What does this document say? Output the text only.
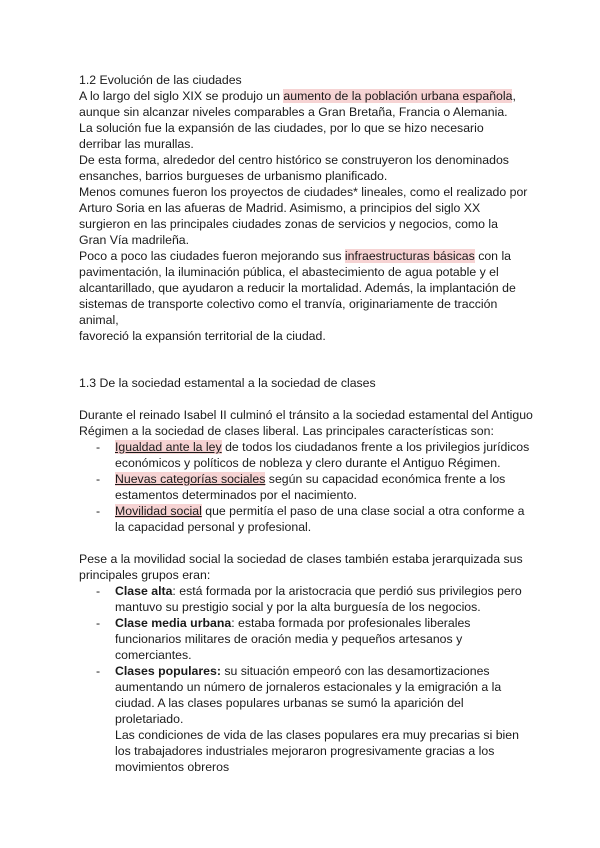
1.2 Evolución de las ciudades
A lo largo del siglo XIX se produjo un aumento de la población urbana española,
aunque sin alcanzar niveles comparables a Gran Bretaña, Francia o Alemania.
La solución fue la expansión de las ciudades, por lo que se hizo necesario
derribar las murallas.
De esta forma, alrededor del centro histórico se construyeron los denominados
ensanches, barrios burgueses de urbanismo planificado.
Menos comunes fueron los proyectos de ciudades* lineales, como el realizado por
Arturo Soria en las afueras de Madrid. Asimismo, a principios del siglo XX
surgieron en las principales ciudades zonas de servicios y negocios, como la
Gran Vía madrileña.
Poco a poco las ciudades fueron mejorando sus infraestructuras básicas con la
pavimentación, la iluminación pública, el abastecimiento de agua potable y el
alcantarillado, que ayudaron a reducir la mortalidad. Además, la implantación de
sistemas de transporte colectivo como el tranvía, originariamente de tracción
animal,
favoreció la expansión territorial de la ciudad.
1.3 De la sociedad estamental a la sociedad de clases
Durante el reinado Isabel II culminó el tránsito a la sociedad estamental del Antiguo
Régimen a la sociedad de clases liberal. Las principales características son:
- Igualdad ante la ley de todos los ciudadanos frente a los privilegios jurídicos
económicos y políticos de nobleza y clero durante el Antiguo Régimen.
- Nuevas categorías sociales según su capacidad económica frente a los
estamentos determinados por el nacimiento.
- Movilidad social que permitía el paso de una clase social a otra conforme a
la capacidad personal y profesional.
Pese a la movilidad social la sociedad de clases también estaba jerarquizada sus
principales grupos eran:
- Clase alta: está formada por la aristocracia que perdió sus privilegios pero
mantuvo su prestigio social y por la alta burguesía de los negocios.
- Clase media urbana: estaba formada por profesionales liberales
funcionarios militares de oración media y pequeños artesanos y
comerciantes.
- Clases populares: su situación empeoró con las desamortizaciones
aumentando un número de jornaleros estacionales y la emigración a la
ciudad. A las clases populares urbanas se sumó la aparición del
proletariado.
Las condiciones de vida de las clases populares era muy precarias si bien
los trabajadores industriales mejoraron progresivamente gracias a los
movimientos obreros
